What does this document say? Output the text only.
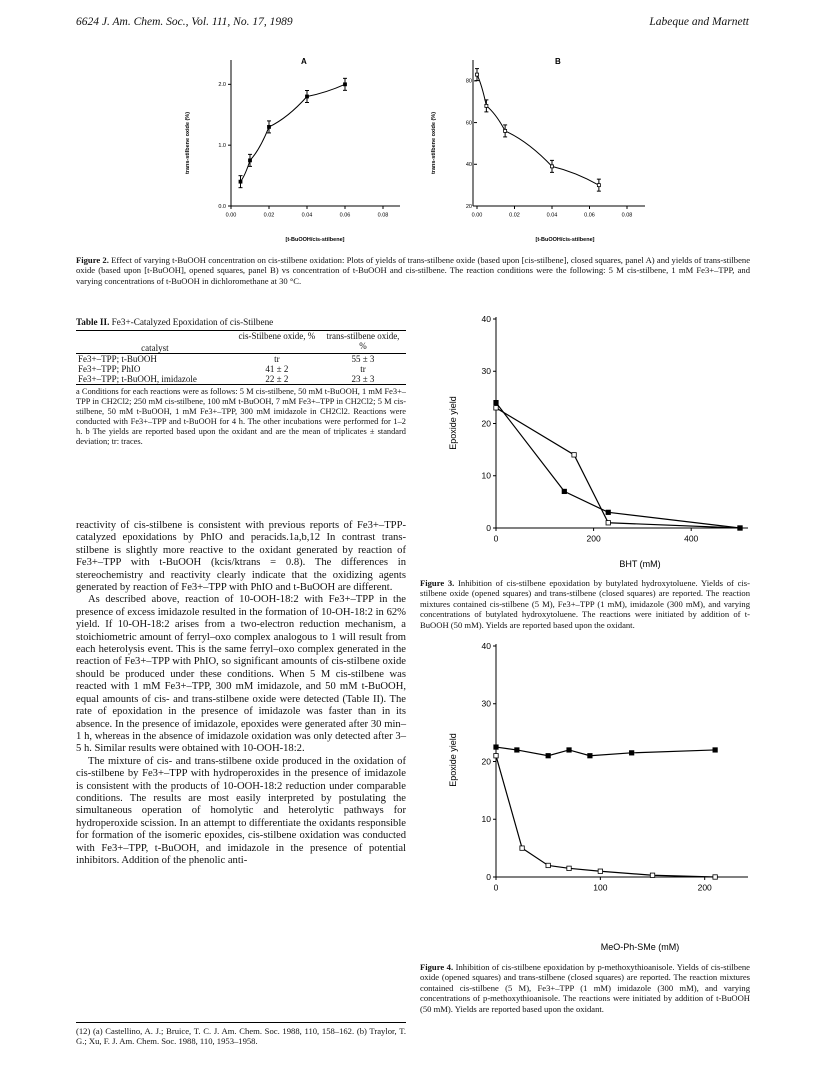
6624 J. Am. Chem. Soc., Vol. 111, No. 17, 1989	Labeque and Marnett
A
0.00	0.02	0.04	0.06	0.08
0.0
1.0
2.0
trans-stilbene oxide (%)
[t-BuOOH/cis-stilbene]
B
0.00	0.02	0.04	0.06	0.08
20
40
60
80
trans-stilbene oxide (%)
[t-BuOOH/cis-stilbene]
Figure 2. Effect of varying t-BuOOH concentration on cis-stilbene oxidation: Plots of yields of trans-stilbene oxide (based upon [cis-stilbene], closed squares, panel A) and yields of trans-stilbene oxide (based upon [t-BuOOH], opened squares, panel B) vs concentration of t-BuOOH and cis-stilbene. The reaction conditions were the following: 5 M cis-stilbene, 1 mM Fe3+–TPP, and varying concentrations of t-BuOOH in dichloromethane at 30 °C.
Table II. Fe3+-Catalyzed Epoxidation of cis-Stilbene
catalyst	cis-Stilbene oxide, %	trans-stilbene oxide, %
Fe3+–TPP; t-BuOOH	tr	55 ± 3
Fe3+–TPP; PhIO	41 ± 2	tr
Fe3+–TPP; t-BuOOH, imidazole	22 ± 2	23 ± 3
a Conditions for each reactions were as follows: 5 M cis-stilbene, 50 mM t-BuOOH, 1 mM Fe3+–TPP in CH2Cl2; 250 mM cis-stilbene, 100 mM t-BuOOH, 7 mM Fe3+–TPP in CH2Cl2; 5 M cis-stilbene, 50 mM t-BuOOH, 1 mM Fe3+–TPP, 300 mM imidazole in CH2Cl2. Reactions were conducted with Fe3+–TPP and t-BuOOH for 4 h. The other incubations were performed for 1–2 h. b The yields are reported based upon the oxidant and are the mean of triplicates ± standard deviation; tr: traces.

reactivity of cis-stilbene is consistent with previous reports of Fe3+–TPP-catalyzed epoxidations by PhIO and peracids.1a,b,12 In contrast trans-stilbene is slightly more reactive to the oxidant generated by reaction of Fe3+–TPP with t-BuOOH (kcis/ktrans = 0.8). The differences in stereochemistry and reactivity clearly indicate that the oxidizing agents generated by reaction of Fe3+–TPP with PhIO and t-BuOOH are different.

As described above, reaction of 10-OOH-18:2 with Fe3+–TPP in the presence of excess imidazole resulted in the formation of 10-OH-18:2 in 62% yield. If 10-OH-18:2 arises from a two-electron reduction mechanism, a stoichiometric amount of ferryl–oxo complex analogous to 1 will result from each heterolysis event. This is the same ferryl–oxo complex generated in the reaction of Fe3+–TPP with PhIO, so significant amounts of cis-stilbene oxide should be produced under these conditions. When 5 M cis-stilbene was reacted with 1 mM Fe3+–TPP, 300 mM imidazole, and 50 mM t-BuOOH, equal amounts of cis- and trans-stilbene oxide were detected (Table II). The rate of epoxidation in the presence of imidazole was faster than in its absence. In the presence of imidazole, epoxides were generated after 30 min–1 h, whereas in the absence of imidazole oxidation was only detected after 3–5 h. Similar results were obtained with 10-OOH-18:2.

The mixture of cis- and trans-stilbene oxide produced in the oxidation of cis-stilbene by Fe3+–TPP with hydroperoxides in the presence of imidazole is consistent with the products of 10-OOH-18:2 reduction under comparable conditions. The results are most easily interpreted by postulating the simultaneous operation of homolytic and heterolytic pathways for hydroperoxide scission. In an attempt to differentiate the oxidants responsible for formation of the isomeric epoxides, cis-stilbene oxidation was conducted with Fe3+–TPP, t-BuOOH, and imidazole in the presence of potential inhibitors. Addition of the phenolic anti-

(12) (a) Castellino, A. J.; Bruice, T. C. J. Am. Chem. Soc. 1988, 110, 158–162. (b) Traylor, T. G.; Xu, F. J. Am. Chem. Soc. 1988, 110, 1953–1958.
0	200	400
0
10
20
30
40
Epoxide yield
BHT (mM)
Figure 3. Inhibition of cis-stilbene epoxidation by butylated hydroxytoluene. Yields of cis-stilbene oxide (opened squares) and trans-stilbene (closed squares) are reported. The reaction mixtures contained cis-stilbene (5 M), Fe3+–TPP (1 mM), imidazole (300 mM), and varying concentrations of butylated hydroxytoluene. The reactions were initiated by addition of t-BuOOH (50 mM). Yields are reported based upon the oxidant.
0	100	200
0
10
20
30
40
Epoxide yield
MeO-Ph-SMe (mM)
Figure 4. Inhibition of cis-stilbene epoxidation by p-methoxythioanisole. Yields of cis-stilbene oxide (opened squares) and trans-stilbene (closed squares) are reported. The reaction mixtures contained cis-stilbene (5 M), Fe3+–TPP (1 mM) imidazole (300 mM), and varying concentrations of p-methoxythioanisole. The reactions were initiated by addition of t-BuOOH (50 mM). Yields are reported based upon the oxidant.
